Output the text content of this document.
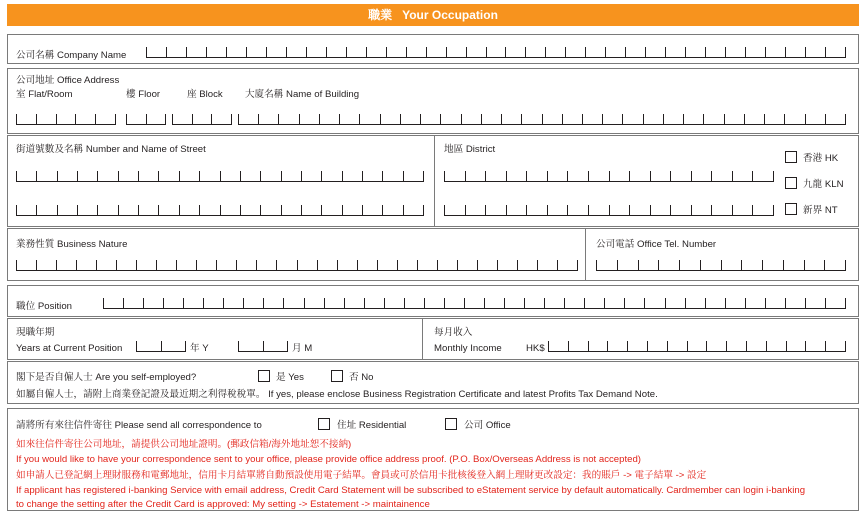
職業 Your Occupation
公司名稱 Company Name
公司地址 Office Address
室 Flat/Room	樓 Floor	座 Block 大廈名稱 Name of Building
街道號數及名稱 Number and Name of Street	地區 District
香港 HK
九龍 KLN
新界 NT
業務性質 Business Nature	公司電話 Office Tel. Number
職位 Position
現職年期
Years at Current Position	年 Y	月 M
每月收入
Monthly Income	HK$
閣下是否自僱人士 Are you self-employed?	是 Yes	否 No
如屬自僱人士，請附上商業登記證及最近期之利得稅稅單。 If yes, please enclose Business Registration Certificate and latest Profits Tax Demand Note.
請將所有來往信件寄往 Please send all correspondence to	住址 Residential	公司 Office
如來往信件寄往公司地址，請提供公司地址證明。(郵政信箱/海外地址恕不接納)
If you would like to have your correspondence sent to your office, please provide office address proof. (P.O. Box/Overseas Address is not accepted)
如申請人已登記網上理財服務和電郵地址，信用卡月結單將自動預設使用電子結單。會員或可於信用卡批核後登入網上理財更改設定：我的賬戶 -> 電子結單 -> 設定
If applicant has registered i-banking Service with email address, Credit Card Statement will be subscribed to eStatement service by default automatically. Cardmember can login i-banking
to change the setting after the Credit Card is approved: My setting -> Estatement -> maintainence
